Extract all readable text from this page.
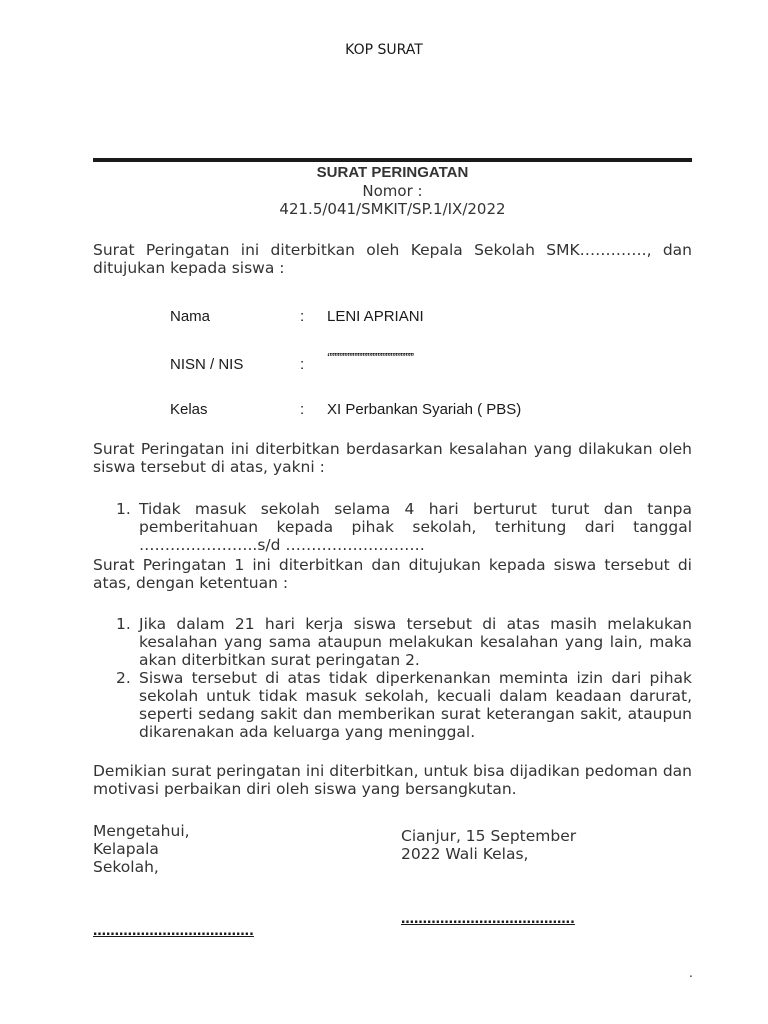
KOP SURAT
SURAT PERINGATAN
Nomor :
421.5/041/SMKIT/SP.1/IX/2022
Surat Peringatan ini diterbitkan oleh Kepala Sekolah SMK…………., dan ditujukan kepada siswa :
Nama	: LENI APRIANI
NISN / NIS	: ‘’’’’’’’’’’’’’’’’’’’’’’’’’’’’’’’’’’’’’’’’’’’’’’’’’’’
Kelas	: XI Perbankan Syariah ( PBS)
Surat Peringatan ini diterbitkan berdasarkan kesalahan yang dilakukan oleh siswa tersebut di atas, yakni :
1. Tidak masuk sekolah selama 4 hari berturut turut dan tanpa pemberitahuan kepada pihak sekolah, terhitung dari tanggal …………………..s/d ………………………
Surat Peringatan 1 ini diterbitkan dan ditujukan kepada siswa tersebut di atas, dengan ketentuan :
1. Jika dalam 21 hari kerja siswa tersebut di atas masih melakukan kesalahan yang sama ataupun melakukan kesalahan yang lain, maka akan diterbitkan surat peringatan 2.
2. Siswa tersebut di atas tidak diperkenankan meminta izin dari pihak sekolah untuk tidak masuk sekolah, kecuali dalam keadaan darurat, seperti sedang sakit dan memberikan surat keterangan sakit, ataupun dikarenakan ada keluarga yang meninggal.
Demikian surat peringatan ini diterbitkan, untuk bisa dijadikan pedoman dan motivasi perbaikan diri oleh siswa yang bersangkutan.
Mengetahui,
Kelapala
Sekolah,
Cianjur, 15 September
2022 Wali Kelas,
……………………………….
………………………………….
.
